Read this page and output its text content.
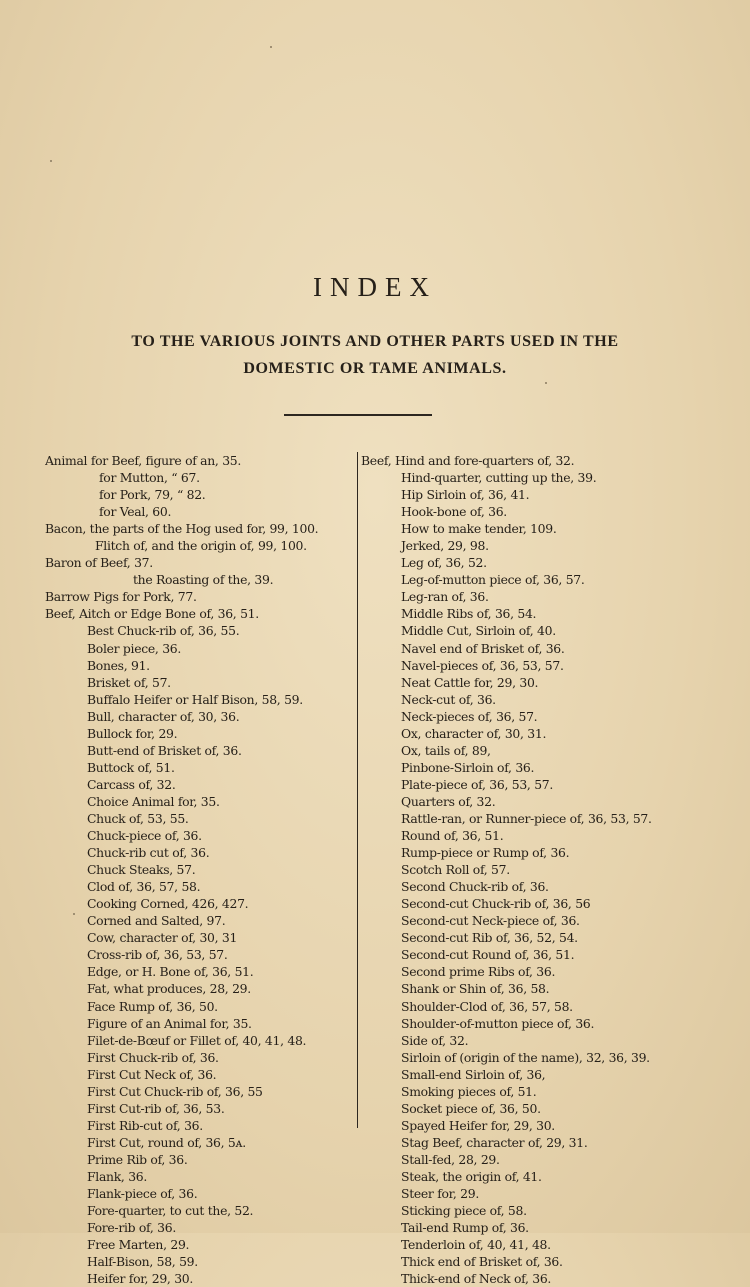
INDEX
TO THE VARIOUS JOINTS AND OTHER PARTS USED IN THE
DOMESTIC OR TAME ANIMALS.
Animal for Beef, figure of an, 35.
for Mutton, “ 67.
for Pork, 79, “ 82.
for Veal, 60.
Bacon, the parts of the Hog used for, 99, 100.
Flitch of, and the origin of, 99, 100.
Baron of Beef, 37.
the Roasting of the, 39.
Barrow Pigs for Pork, 77.
Beef, Aitch or Edge Bone of, 36, 51.
Best Chuck-rib of, 36, 55.
Boler piece, 36.
Bones, 91.
Brisket of, 57.
Buffalo Heifer or Half Bison, 58, 59.
Bull, character of, 30, 36.
Bullock for, 29.
Butt-end of Brisket of, 36.
Buttock of, 51.
Carcass of, 32.
Choice Animal for, 35.
Chuck of, 53, 55.
Chuck-piece of, 36.
Chuck-rib cut of, 36.
Chuck Steaks, 57.
Clod of, 36, 57, 58.
Cooking Corned, 426, 427.
Corned and Salted, 97.
Cow, character of, 30, 31
Cross-rib of, 36, 53, 57.
Edge, or H. Bone of, 36, 51.
Fat, what produces, 28, 29.
Face Rump of, 36, 50.
Figure of an Animal for, 35.
Filet-de-Bœuf or Fillet of, 40, 41, 48.
First Chuck-rib of, 36.
First Cut Neck of, 36.
First Cut Chuck-rib of, 36, 55
First Cut-rib of, 36, 53.
First Rib-cut of, 36.
First Cut, round of, 36, 5ᴀ.
Prime Rib of, 36.
Flank, 36.
Flank-piece of, 36.
Fore-quarter, to cut the, 52.
Fore-rib of, 36.
Free Marten, 29.
Half-Bison, 58, 59.
Heifer for, 29, 30.
Beef, Hind and fore-quarters of, 32.
Hind-quarter, cutting up the, 39.
Hip Sirloin of, 36, 41.
Hook-bone of, 36.
How to make tender, 109.
Jerked, 29, 98.
Leg of, 36, 52.
Leg-of-mutton piece of, 36, 57.
Leg-ran of, 36.
Middle Ribs of, 36, 54.
Middle Cut, Sirloin of, 40.
Navel end of Brisket of, 36.
Navel-pieces of, 36, 53, 57.
Neat Cattle for, 29, 30.
Neck-cut of, 36.
Neck-pieces of, 36, 57.
Ox, character of, 30, 31.
Ox, tails of, 89,
Pinbone-Sirloin of, 36.
Plate-piece of, 36, 53, 57.
Quarters of, 32.
Rattle-ran, or Runner-piece of, 36, 53, 57.
Round of, 36, 51.
Rump-piece or Rump of, 36.
Scotch Roll of, 57.
Second Chuck-rib of, 36.
Second-cut Chuck-rib of, 36, 56
Second-cut Neck-piece of, 36.
Second-cut Rib of, 36, 52, 54.
Second-cut Round of, 36, 51.
Second prime Ribs of, 36.
Shank or Shin of, 36, 58.
Shoulder-Clod of, 36, 57, 58.
Shoulder-of-mutton piece of, 36.
Side of, 32.
Sirloin of (origin of the name), 32, 36, 39.
Small-end Sirloin of, 36,
Smoking pieces of, 51.
Socket piece of, 36, 50.
Spayed Heifer for, 29, 30.
Stag Beef, character of, 29, 31.
Stall-fed, 28, 29.
Steak, the origin of, 41.
Steer for, 29.
Sticking piece of, 58.
Tail-end Rump of, 36.
Tenderloin of, 40, 41, 48.
Thick end of Brisket of, 36.
Thick-end of Neck of, 36.
